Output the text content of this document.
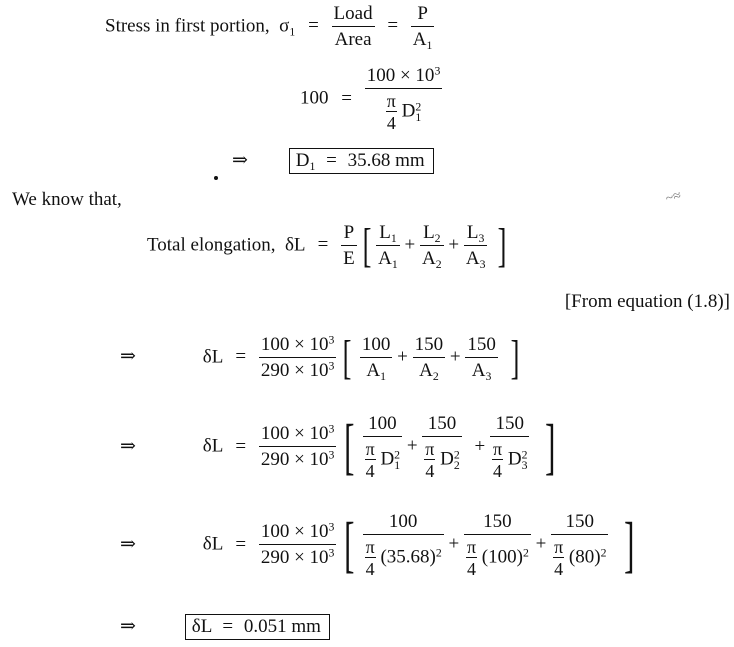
Stress in first portion, $\sigma_1 = \frac{\text{Load}}{\text{Area}} = \frac{P}{A_1}$
$100 = \frac{100 \times 10^3}{\frac{\pi}{4} D^2_1}$
⇒	$D_1 = 35.68$ mm
We know that,	~≈
Total elongation, $\delta L = \frac{P}{E}$ [ $\frac{L_1}{A_1} + \frac{L_2}{A_2} + \frac{L_3}{A_3}$ ]
[From equation (1.8)]
⇒	$\delta L = \frac{100 \times 10^3}{290 \times 10^3}$ [ $\frac{100}{A_1} + \frac{150}{A_2} + \frac{150}{A_3}$ ]
⇒	$\delta L = \frac{100 \times 10^3}{290 \times 10^3}$ [ $\frac{100}{\frac{\pi}{4} D^2_1} + \frac{150}{\frac{\pi}{4} D^2_2} + \frac{150}{\frac{\pi}{4} D^2_3}$ ]
⇒	$\delta L = \frac{100 \times 10^3}{290 \times 10^3}$ [ $\frac{100}{\frac{\pi}{4} (35.68)^2} + \frac{150}{\frac{\pi}{4} (100)^2} + \frac{150}{\frac{\pi}{4} (80)^2}$ ]
⇒	δL = 0.051 mm
